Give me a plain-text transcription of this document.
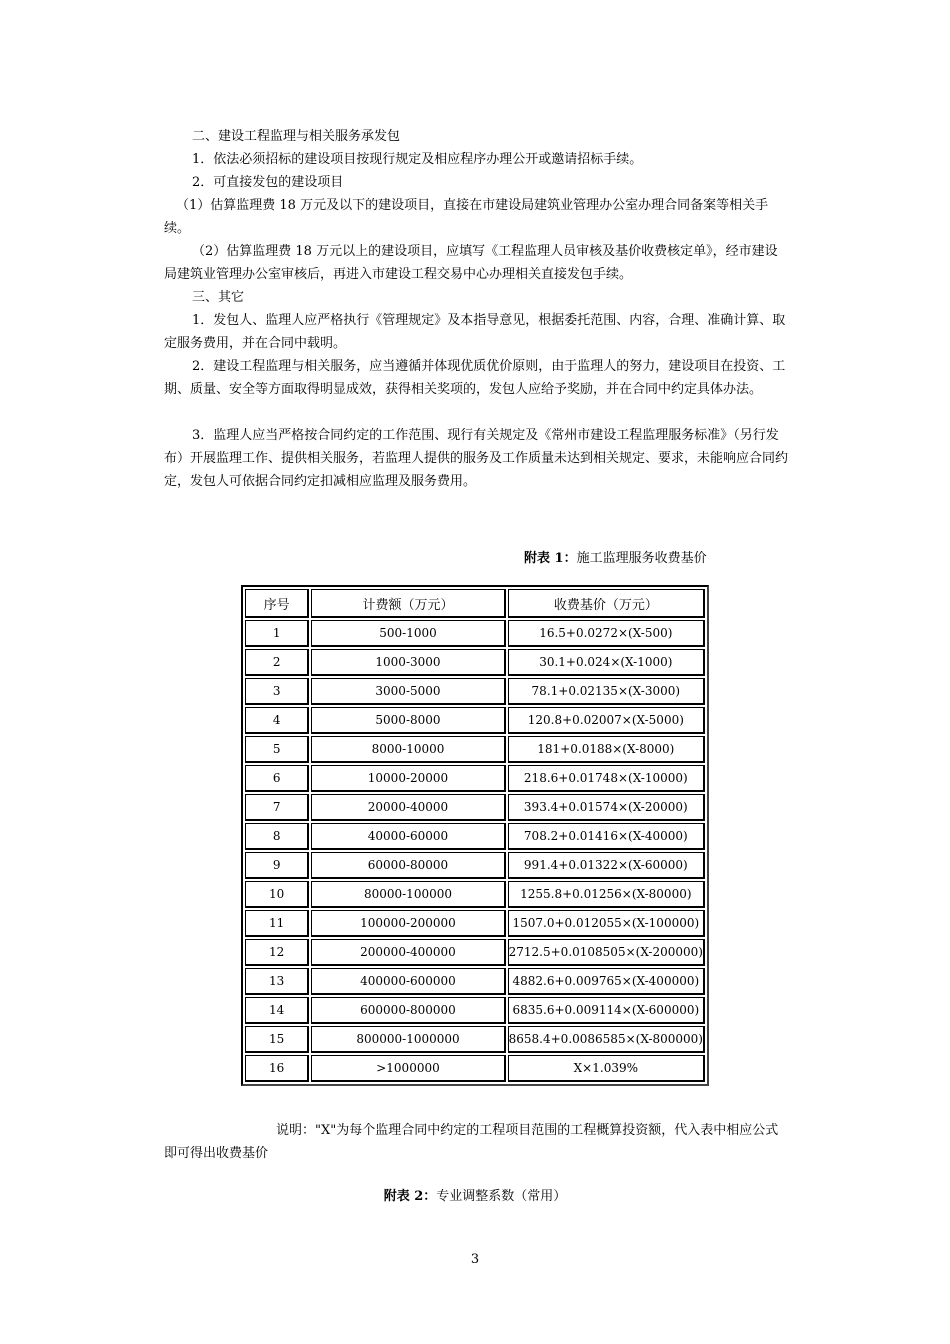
二、建设工程监理与相关服务承发包

1．依法必须招标的建设项目按现行规定及相应程序办理公开或邀请招标手续。

2．可直接发包的建设项目

（1）估算监理费 18 万元及以下的建设项目，直接在市建设局建筑业管理办公室办理合同备案等相关手续。

（2）估算监理费 18 万元以上的建设项目，应填写《工程监理人员审核及基价收费核定单》，经市建设局建筑业管理办公室审核后，再进入市建设工程交易中心办理相关直接发包手续。

三、其它

1．发包人、监理人应严格执行《管理规定》及本指导意见，根据委托范围、内容，合理、准确计算、取定服务费用，并在合同中载明。

2．建设工程监理与相关服务，应当遵循并体现优质优价原则，由于监理人的努力，建设项目在投资、工期、质量、安全等方面取得明显成效，获得相关奖项的，发包人应给予奖励，并在合同中约定具体办法。

3．监理人应当严格按合同约定的工作范围、现行有关规定及《常州市建设工程监理服务标准》（另行发布）开展监理工作、提供相关服务，若监理人提供的服务及工作质量未达到相关规定、要求，未能响应合同约定，发包人可依据合同约定扣减相应监理及服务费用。

附表 1：施工监理服务收费基价
序号	计费额（万元）	收费基价（万元）
1	500-1000	16.5+0.0272×(X-500)
2	1000-3000	30.1+0.024×(X-1000)
3	3000-5000	78.1+0.02135×(X-3000)
4	5000-8000	120.8+0.02007×(X-5000)
5	8000-10000	181+0.0188×(X-8000)
6	10000-20000	218.6+0.01748×(X-10000)
7	20000-40000	393.4+0.01574×(X-20000)
8	40000-60000	708.2+0.01416×(X-40000)
9	60000-80000	991.4+0.01322×(X-60000)
10	80000-100000	1255.8+0.01256×(X-80000)
11	100000-200000	1507.0+0.012055×(X-100000)
12	200000-400000	2712.5+0.0108505×(X-200000)
13	400000-600000	4882.6+0.009765×(X-400000)
14	600000-800000	6835.6+0.009114×(X-600000)
15	800000-1000000	8658.4+0.0086585×(X-800000)
16	>1000000	X×1.039%

说明："X"为每个监理合同中约定的工程项目范围的工程概算投资额，代入表中相应公式即可得出收费基价

附表 2：专业调整系数（常用）
3
